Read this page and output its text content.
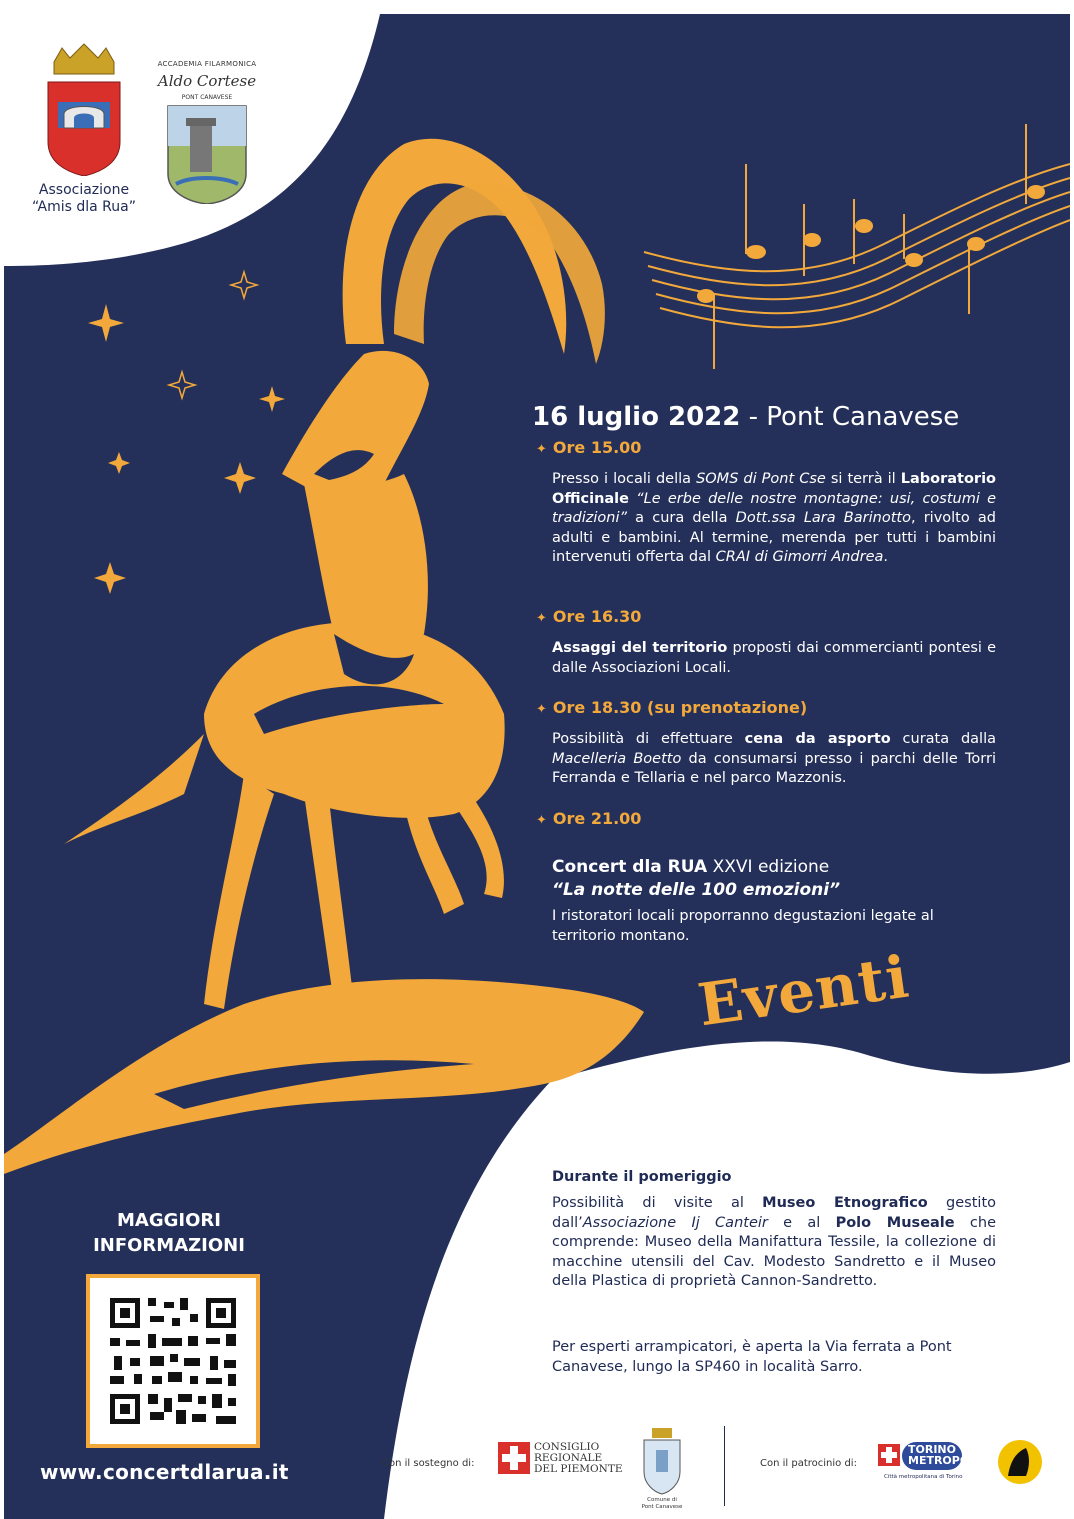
Associazione
“Amis dla Rua”
ACCADEMIA FILARMONICA
Aldo Cortese
PONT CANAVESE
16 luglio 2022 - Pont Canavese
✦ Ore 15.00
Presso i locali della SOMS di Pont Cse si terrà il Laboratorio Officinale “Le erbe delle nostre montagne: usi, costumi e tradizioni” a cura della Dott.ssa Lara Barinotto, rivolto ad adulti e bambini. Al termine, merenda per tutti i bambini intervenuti offerta dal CRAI di Gimorri Andrea.
✦ Ore 16.30
Assaggi del territorio proposti dai commercianti pontesi e dalle Associazioni Locali.
✦ Ore 18.30 (su prenotazione)
Possibilità di effettuare cena da asporto curata dalla Macelleria Boetto da consumarsi presso i parchi delle Torri Ferranda e Tellaria e nel parco Mazzonis.
✦ Ore 21.00
Concert dla RUA XXVI edizione
“La notte delle 100 emozioni”
I ristoratori locali proporranno degustazioni legate al territorio montano.
Eventi
Durante il pomeriggio
Possibilità di visite al Museo Etnografico gestito dall’Associazione Ij Canteir e al Polo Museale che comprende: Museo della Manifattura Tessile, la collezione di macchine utensili del Cav. Modesto Sandretto e il Museo della Plastica di proprietà Cannon-Sandretto.
Per esperti arrampicatori, è aperta la Via ferrata a Pont Canavese, lungo la SP460 in località Sarro.
MAGGIORI
INFORMAZIONI
www.concertdlarua.it	Con il sostegno di:
CONSIGLIO
REGIONALE
DEL PIEMONTE
Comune di
Pont Canavese
Con il patrocinio di:
TORINO
METROPOLI
Città metropolitana di Torino
